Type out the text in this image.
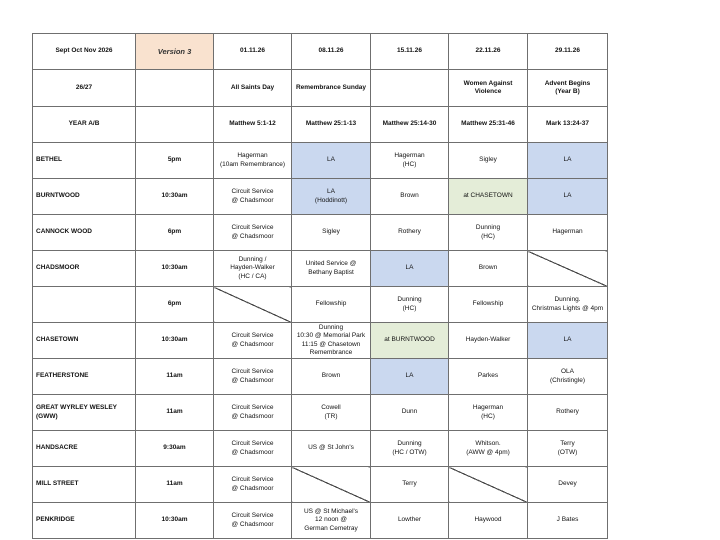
Sept Oct Nov 2026	Version 3	01.11.26	08.11.26	15.11.26	22.11.26	29.11.26
26/27		All Saints Day	Remembrance Sunday		Women Against
Violence	Advent Begins
(Year B)
YEAR A/B		Matthew 5:1-12	Matthew 25:1-13	Matthew 25:14-30	Matthew 25:31-46	Mark 13:24-37
BETHEL	5pm	Hagerman
(10am Remembrance)	LA	Hagerman
(HC)	Sigley	LA
BURNTWOOD	10:30am	Circuit Service
@ Chadsmoor	LA
(Hoddinott)	Brown	at CHASETOWN	LA
CANNOCK WOOD	6pm	Circuit Service
@ Chadsmoor	Sigley	Rothery	Dunning
(HC)	Hagerman
CHADSMOOR	10:30am	Dunning /
Hayden-Walker
(HC / CA)	United Service @
Bethany Baptist	LA	Brown	
	6pm		Fellowship	Dunning
(HC)	Fellowship	Dunning.
Christmas Lights @ 4pm
CHASETOWN	10:30am	Circuit Service
@ Chadsmoor	Dunning
10:30 @ Memorial Park
11:15 @ Chasetown
Remembrance	at BURNTWOOD	Hayden-Walker	LA
FEATHERSTONE	11am	Circuit Service
@ Chadsmoor	Brown	LA	Parkes	OLA
(Christingle)
GREAT WYRLEY WESLEY
(GWW)	11am	Circuit Service
@ Chadsmoor	Cowell
(TR)	Dunn	Hagerman
(HC)	Rothery
HANDSACRE	9:30am	Circuit Service
@ Chadsmoor	US @ St John's	Dunning
(HC / OTW)	Whitson.
(AWW @ 4pm)	Terry
(OTW)
MILL STREET	11am	Circuit Service
@ Chadsmoor		Terry		Devey
PENKRIDGE	10:30am	Circuit Service
@ Chadsmoor	US @ St Michael's
12 noon @
German Cemetray	Lowther	Haywood	J Bates
